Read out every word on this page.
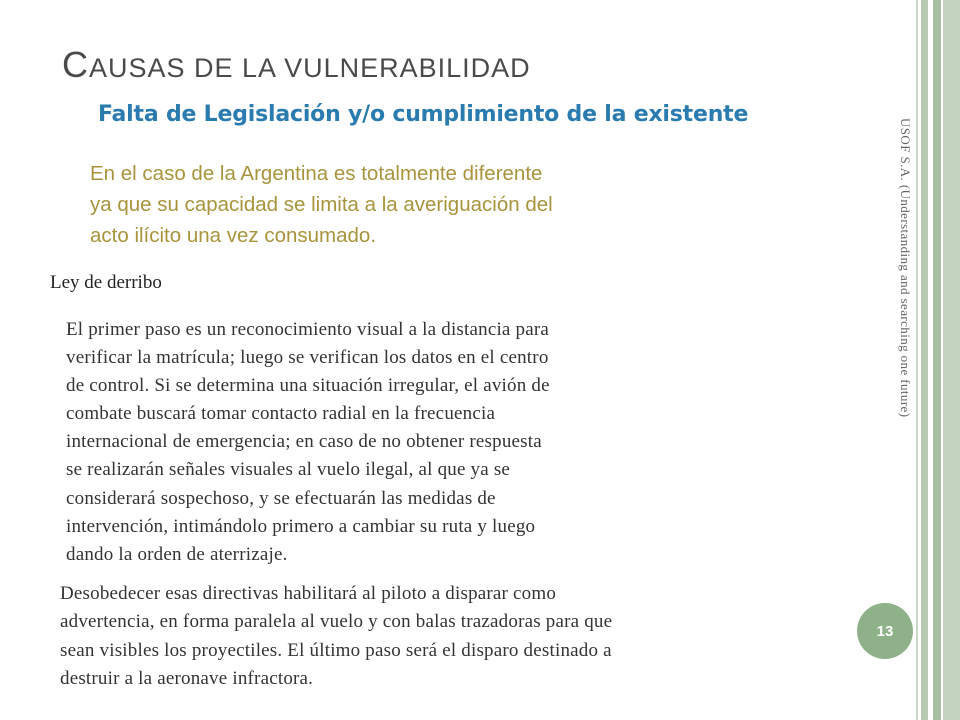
CAUSAS DE LA VULNERABILIDAD
Falta de Legislación y/o cumplimiento de la existente
En el caso de la Argentina es totalmente diferente
ya que su capacidad se limita a la averiguación del
acto ilícito una vez consumado.
Ley de derribo
El primer paso es un reconocimiento visual a la distancia para
verificar la matrícula; luego se verifican los datos en el centro
de control. Si se determina una situación irregular, el avión de
combate buscará tomar contacto radial en la frecuencia
internacional de emergencia; en caso de no obtener respuesta
se realizarán señales visuales al vuelo ilegal, al que ya se
considerará sospechoso, y se efectuarán las medidas de
intervención, intimándolo primero a cambiar su ruta y luego
dando la orden de aterrizaje.
Desobedecer esas directivas habilitará al piloto a disparar como
advertencia, en forma paralela al vuelo y con balas trazadoras para que
sean visibles los proyectiles. El último paso será el disparo destinado a
destruir a la aeronave infractora.
USOF S.A. (Understanding and searching one future)
13
